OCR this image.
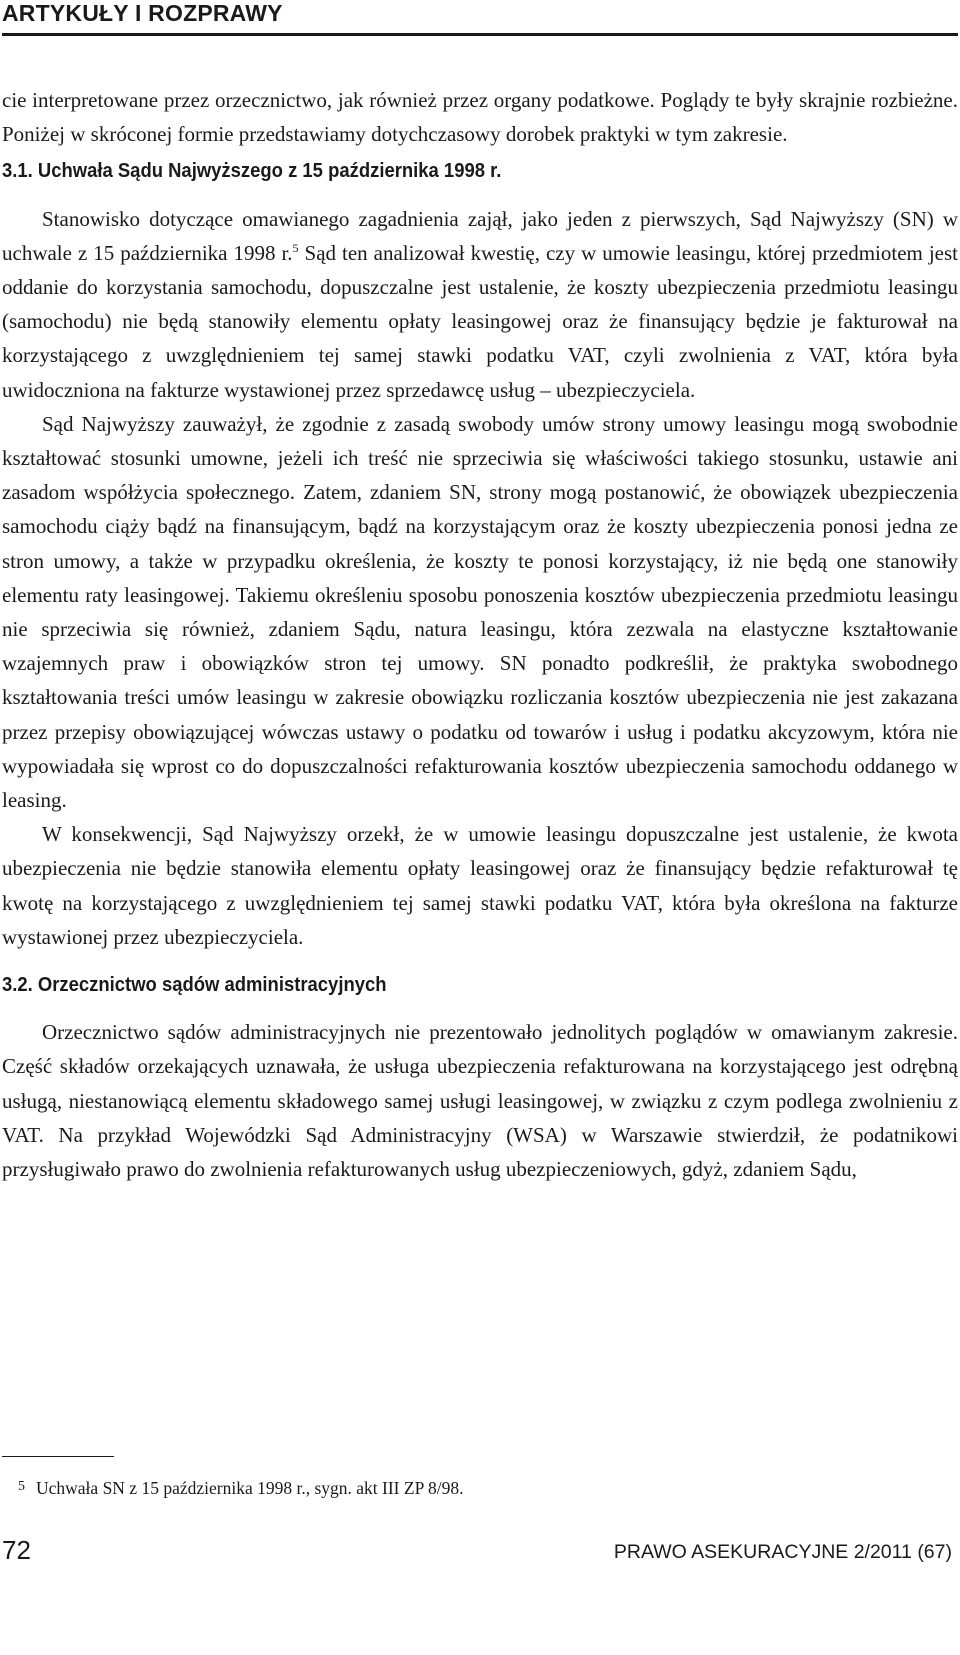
ARTYKUŁY I ROZPRAWY

cie interpretowane przez orzecznictwo, jak również przez organy podatkowe. Poglądy te były skrajnie rozbieżne. Poniżej w skróconej formie przedstawiamy dotychczasowy dorobek praktyki w tym zakresie.

3.1. Uchwała Sądu Najwyższego z 15 października 1998 r.

Stanowisko dotyczące omawianego zagadnienia zajął, jako jeden z pierwszych, Sąd Najwyższy (SN) w uchwale z 15 października 1998 r.$^5$ Sąd ten analizował kwestię, czy w umowie leasingu, której przedmiotem jest oddanie do korzystania samochodu, dopuszczalne jest ustalenie, że koszty ubezpieczenia przedmiotu leasingu (samochodu) nie będą stanowiły elementu opłaty leasingowej oraz że finansujący będzie je fakturował na korzystającego z uwzględnieniem tej samej stawki podatku VAT, czyli zwolnienia z VAT, która była uwidoczniona na fakturze wystawionej przez sprzedawcę usług – ubezpieczyciela.

Sąd Najwyższy zauważył, że zgodnie z zasadą swobody umów strony umowy leasingu mogą swobodnie kształtować stosunki umowne, jeżeli ich treść nie sprzeciwia się właściwości takiego stosunku, ustawie ani zasadom współżycia społecznego. Zatem, zdaniem SN, strony mogą postanowić, że obowiązek ubezpieczenia samochodu ciąży bądź na finansującym, bądź na korzystającym oraz że koszty ubezpieczenia ponosi jedna ze stron umowy, a także w przypadku określenia, że koszty te ponosi korzystający, iż nie będą one stanowiły elementu raty leasingowej. Takiemu określeniu sposobu ponoszenia kosztów ubezpieczenia przedmiotu leasingu nie sprzeciwia się również, zdaniem Sądu, natura leasingu, która zezwala na elastyczne kształtowanie wzajemnych praw i obowiązków stron tej umowy. SN ponadto podkreślił, że praktyka swobodnego kształtowania treści umów leasingu w zakresie obowiązku rozliczania kosztów ubezpieczenia nie jest zakazana przez przepisy obowiązującej wówczas ustawy o podatku od towarów i usług i podatku akcyzowym, która nie wypowiadała się wprost co do dopuszczalności refakturowania kosztów ubezpieczenia samochodu oddanego w leasing.

W konsekwencji, Sąd Najwyższy orzekł, że w umowie leasingu dopuszczalne jest ustalenie, że kwota ubezpieczenia nie będzie stanowiła elementu opłaty leasingowej oraz że finansujący będzie refakturował tę kwotę na korzystającego z uwzględnieniem tej samej stawki podatku VAT, która była określona na fakturze wystawionej przez ubezpieczyciela.

3.2. Orzecznictwo sądów administracyjnych

Orzecznictwo sądów administracyjnych nie prezentowało jednolitych poglądów w omawianym zakresie. Część składów orzekających uznawała, że usługa ubezpieczenia refakturowana na korzystającego jest odrębną usługą, niestanowiącą elementu składowego samej usługi leasingowej, w związku z czym podlega zwolnieniu z VAT. Na przykład Wojewódzki Sąd Administracyjny (WSA) w Warszawie stwierdził, że podatnikowi przysługiwało prawo do zwolnienia refakturowanych usług ubezpieczeniowych, gdyż, zdaniem Sądu,

5 Uchwała SN z 15 października 1998 r., sygn. akt III ZP 8/98.
72	PRAWO ASEKURACYJNE 2/2011 (67)
